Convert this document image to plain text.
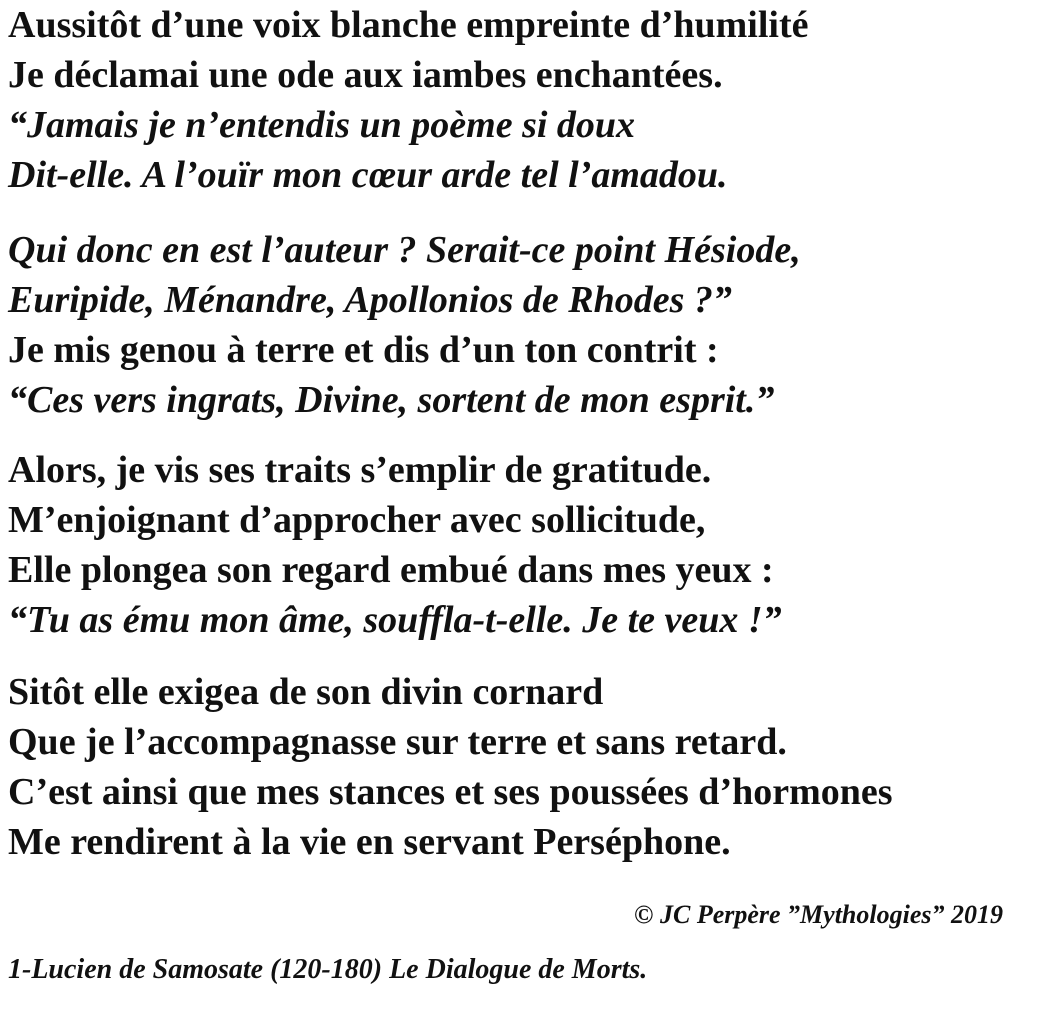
Aussitôt d’une voix blanche empreinte d’humilité
Je déclamai une ode aux iambes enchantées.
“Jamais je n’entendis un poème si doux
Dit-elle. A l’ouïr mon cœur arde tel l’amadou.
Qui donc en est l’auteur ? Serait-ce point Hésiode,
Euripide, Ménandre, Apollonios de Rhodes ?”
Je mis genou à terre et dis d’un ton contrit :
“Ces vers ingrats, Divine, sortent de mon esprit.”
Alors, je vis ses traits s’emplir de gratitude.
M’enjoignant d’approcher avec sollicitude,
Elle plongea son regard embué dans mes yeux :
“Tu as ému mon âme, souffla-t-elle. Je te veux !”
Sitôt elle exigea de son divin cornard
Que je l’accompagnasse sur terre et sans retard.
C’est ainsi que mes stances et ses poussées d’hormones
Me rendirent à la vie en servant Perséphone.
© JC Perpère ”Mythologies” 2019
1-Lucien de Samosate (120-180) Le Dialogue de Morts.
